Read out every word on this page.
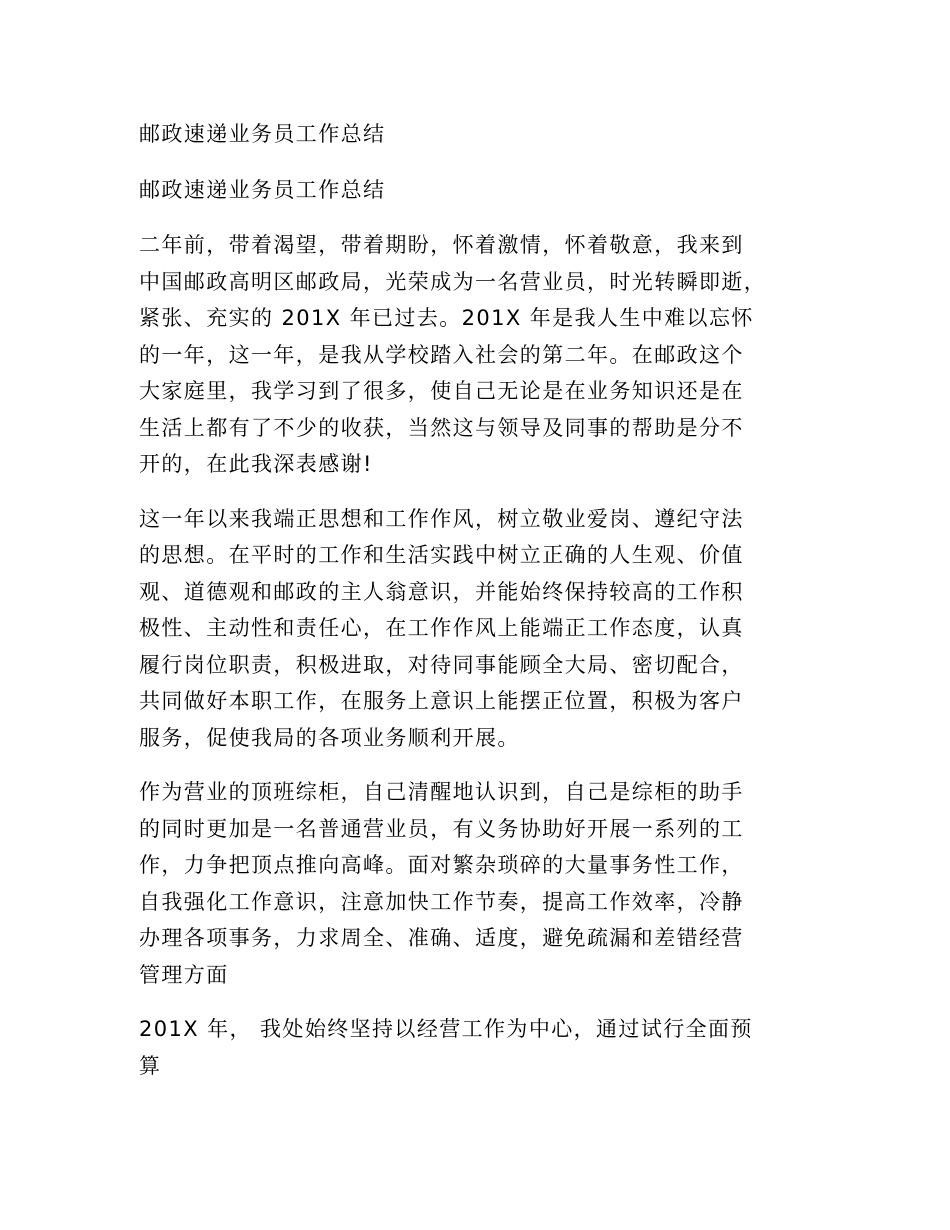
邮政速递业务员工作总结

邮政速递业务员工作总结

二年前，带着渴望，带着期盼，怀着激情，怀着敬意，我来到
中国邮政高明区邮政局，光荣成为一名营业员，时光转瞬即逝，
紧张、充实的 201X 年已过去。201X 年是我人生中难以忘怀
的一年，这一年，是我从学校踏入社会的第二年。在邮政这个
大家庭里，我学习到了很多，使自己无论是在业务知识还是在
生活上都有了不少的收获，当然这与领导及同事的帮助是分不
开的，在此我深表感谢!

这一年以来我端正思想和工作作风，树立敬业爱岗、遵纪守法
的思想。在平时的工作和生活实践中树立正确的人生观、价值
观、道德观和邮政的主人翁意识，并能始终保持较高的工作积
极性、主动性和责任心，在工作作风上能端正工作态度，认真
履行岗位职责，积极进取，对待同事能顾全大局、密切配合，
共同做好本职工作，在服务上意识上能摆正位置，积极为客户
服务，促使我局的各项业务顺利开展。

作为营业的顶班综柜，自己清醒地认识到，自己是综柜的助手
的同时更加是一名普通营业员，有义务协助好开展一系列的工
作，力争把顶点推向高峰。面对繁杂琐碎的大量事务性工作，
自我强化工作意识，注意加快工作节奏，提高工作效率，冷静
办理各项事务，力求周全、准确、适度，避免疏漏和差错经营
管理方面

201X 年， 我处始终坚持以经营工作为中心，通过试行全面预
算
